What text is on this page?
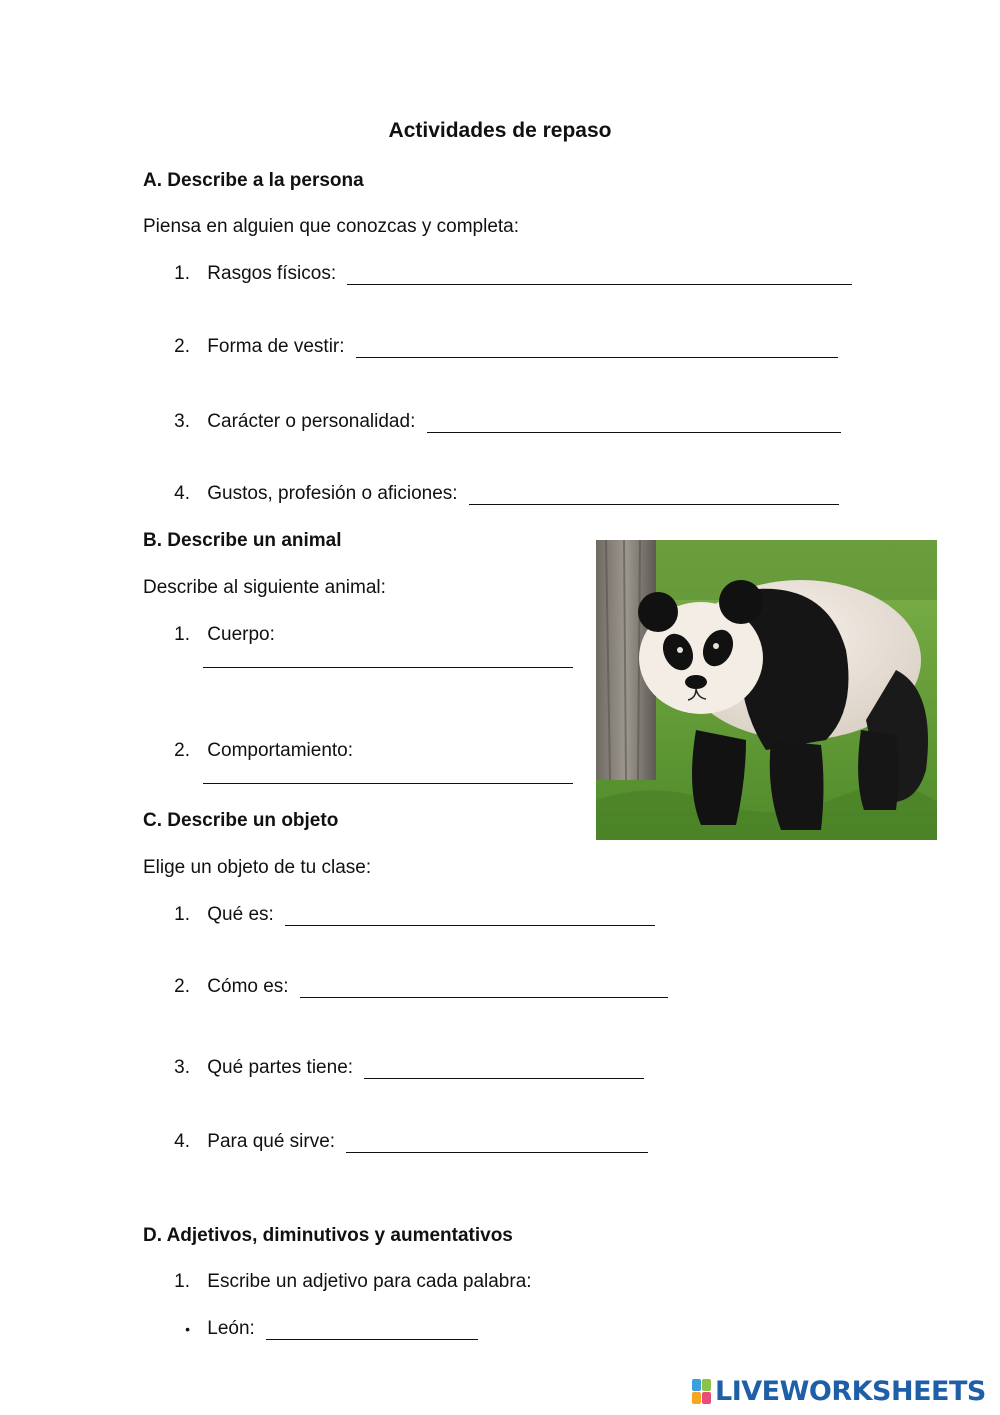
Actividades de repaso
A. Describe a la persona
Piensa en alguien que conozcas y completa:
1. Rasgos físicos:
2. Forma de vestir:
3. Carácter o personalidad:
4. Gustos, profesión o aficiones:
B. Describe un animal
Describe al siguiente animal:
1. Cuerpo:
2. Comportamiento:
C. Describe un objeto
Elige un objeto de tu clase:
1. Qué es:
2. Cómo es:
3. Qué partes tiene:
4. Para qué sirve:
D. Adjetivos, diminutivos y aumentativos
1. Escribe un adjetivo para cada palabra:
• León:
LIVEWORKSHEETS
